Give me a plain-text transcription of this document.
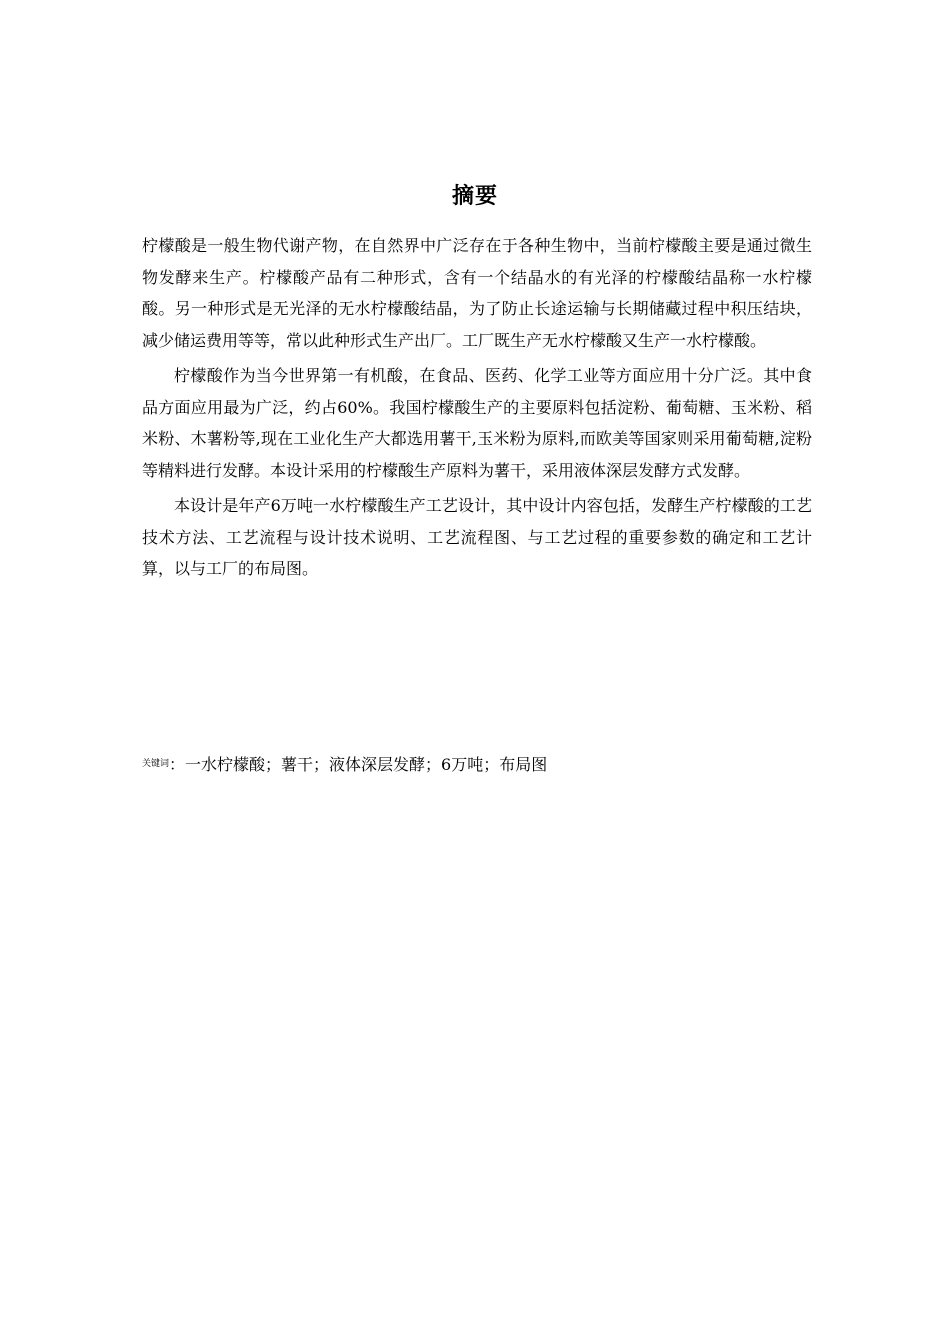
摘要

柠檬酸是一般生物代谢产物，在自然界中广泛存在于各种生物中，当前柠檬酸主要是通过微生物发酵来生产。柠檬酸产品有二种形式，含有一个结晶水的有光泽的柠檬酸结晶称一水柠檬酸。另一种形式是无光泽的无水柠檬酸结晶，为了防止长途运输与长期储藏过程中积压结块，减少储运费用等等，常以此种形式生产出厂。工厂既生产无水柠檬酸又生产一水柠檬酸。

柠檬酸作为当今世界第一有机酸，在食品、医药、化学工业等方面应用十分广泛。其中食品方面应用最为广泛，约占60%。我国柠檬酸生产的主要原料包括淀粉、葡萄糖、玉米粉、稻米粉、木薯粉等,现在工业化生产大都选用薯干,玉米粉为原料,而欧美等国家则采用葡萄糖,淀粉等精料进行发酵。本设计采用的柠檬酸生产原料为薯干，采用液体深层发酵方式发酵。

本设计是年产6万吨一水柠檬酸生产工艺设计，其中设计内容包括，发酵生产柠檬酸的工艺技术方法、工艺流程与设计技术说明、工艺流程图、与工艺过程的重要参数的确定和工艺计算，以与工厂的布局图。

$^{关键词}$：一水柠檬酸；薯干；液体深层发酵；6万吨；布局图
